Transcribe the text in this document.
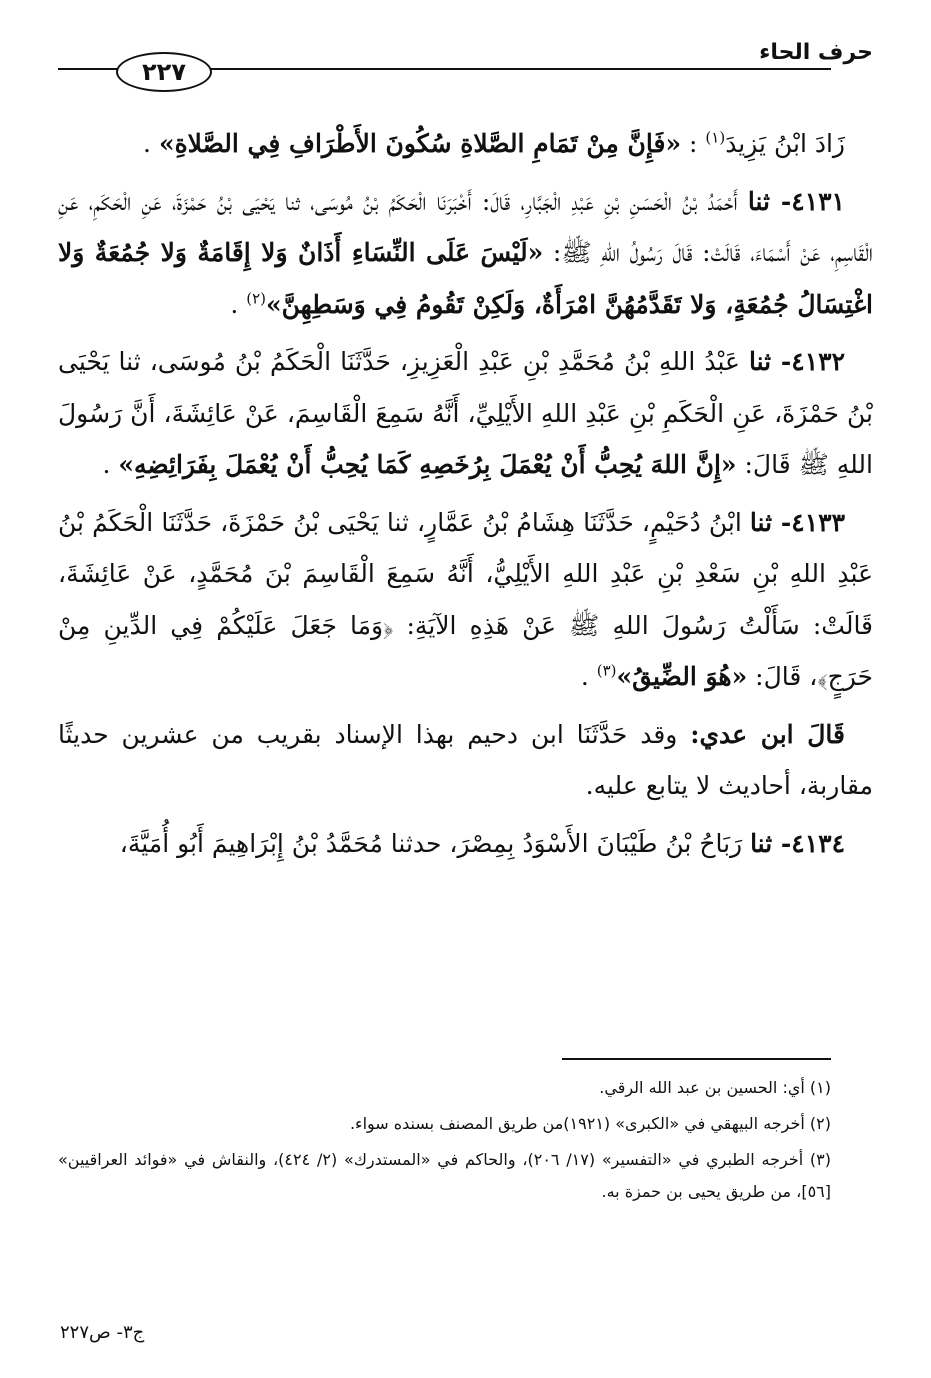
حرف الحاء
٢٢٧

زَادَ ابْنُ يَزِيدَ$^{(١)}$ : «فَإِنَّ مِنْ تَمَامِ الصَّلاةِ سُكُونَ الأَطْرَافِ فِي الصَّلاةِ» .

٤١٣١- ثنا أَحْمَدُ بْنُ الْحَسَنِ بْنِ عَبْدِ الْجَبَّارِ، قَالَ: أَخْبَرَنَا الْحَكَمُ بْنُ مُوسَى، ثنا يَحْيَى بْنُ حَمْزَةَ، عَنِ الْحَكَمِ، عَنِ الْقَاسِمِ، عَنْ أَسْمَاءَ، قَالَتْ: قَالَ رَسُولُ اللهِ ﷺ: «لَيْسَ عَلَى النِّسَاءِ أَذَانٌ وَلا إِقَامَةٌ وَلا جُمُعَةٌ وَلا اغْتِسَالُ جُمُعَةٍ، وَلا تَقَدَّمُهُنَّ امْرَأَةٌ، وَلَكِنْ تَقُومُ فِي وَسَطِهِنَّ»$^{(٢)}$ .

٤١٣٢- ثنا عَبْدُ اللهِ بْنُ مُحَمَّدِ بْنِ عَبْدِ الْعَزِيزِ، حَدَّثَنَا الْحَكَمُ بْنُ مُوسَى، ثنا يَحْيَى بْنُ حَمْزَةَ، عَنِ الْحَكَمِ بْنِ عَبْدِ اللهِ الأَيْلِيِّ، أَنَّهُ سَمِعَ الْقَاسِمَ، عَنْ عَائِشَةَ، أَنَّ رَسُولَ اللهِ ﷺ قَالَ: «إِنَّ اللهَ يُحِبُّ أَنْ يُعْمَلَ بِرُخَصِهِ كَمَا يُحِبُّ أَنْ يُعْمَلَ بِفَرَائِضِهِ» .

٤١٣٣- ثنا ابْنُ دُحَيْمٍ، حَدَّثَنَا هِشَامُ بْنُ عَمَّارٍ، ثنا يَحْيَى بْنُ حَمْزَةَ، حَدَّثَنَا الْحَكَمُ بْنُ عَبْدِ اللهِ بْنِ سَعْدِ بْنِ عَبْدِ اللهِ الأَيْلِيُّ، أَنَّهُ سَمِعَ الْقَاسِمَ بْنَ مُحَمَّدٍ، عَنْ عَائِشَةَ، قَالَتْ: سَأَلْتُ رَسُولَ اللهِ ﷺ عَنْ هَذِهِ الآيَةِ: ﴿وَمَا جَعَلَ عَلَيْكُمْ فِي الدِّينِ مِنْ حَرَجٍ﴾، قَالَ: «هُوَ الضِّيقُ»$^{(٣)}$ .

قَالَ ابن عدي: وقد حَدَّثَنَا ابن دحيم بهذا الإسناد بقريب من عشرين حديثًا مقاربة، أحاديث لا يتابع عليه.

٤١٣٤- ثنا رَبَاحُ بْنُ طَيْبَانَ الأَسْوَدُ بِمِصْرَ، حدثنا مُحَمَّدُ بْنُ إِبْرَاهِيمَ أَبُو أُمَيَّةَ،

(١) أي: الحسين بن عبد الله الرقي.

(٢) أخرجه البيهقي في «الكبرى» (١٩٢١)من طريق المصنف بسنده سواء.

(٣) أخرجه الطبري في «التفسير» (١٧/ ٢٠٦)، والحاكم في «المستدرك» (٢/ ٤٢٤)، والنقاش في «فوائد العراقيين» [٥٦]، من طريق يحيى بن حمزة به.

ج٣- ص٢٢٧
